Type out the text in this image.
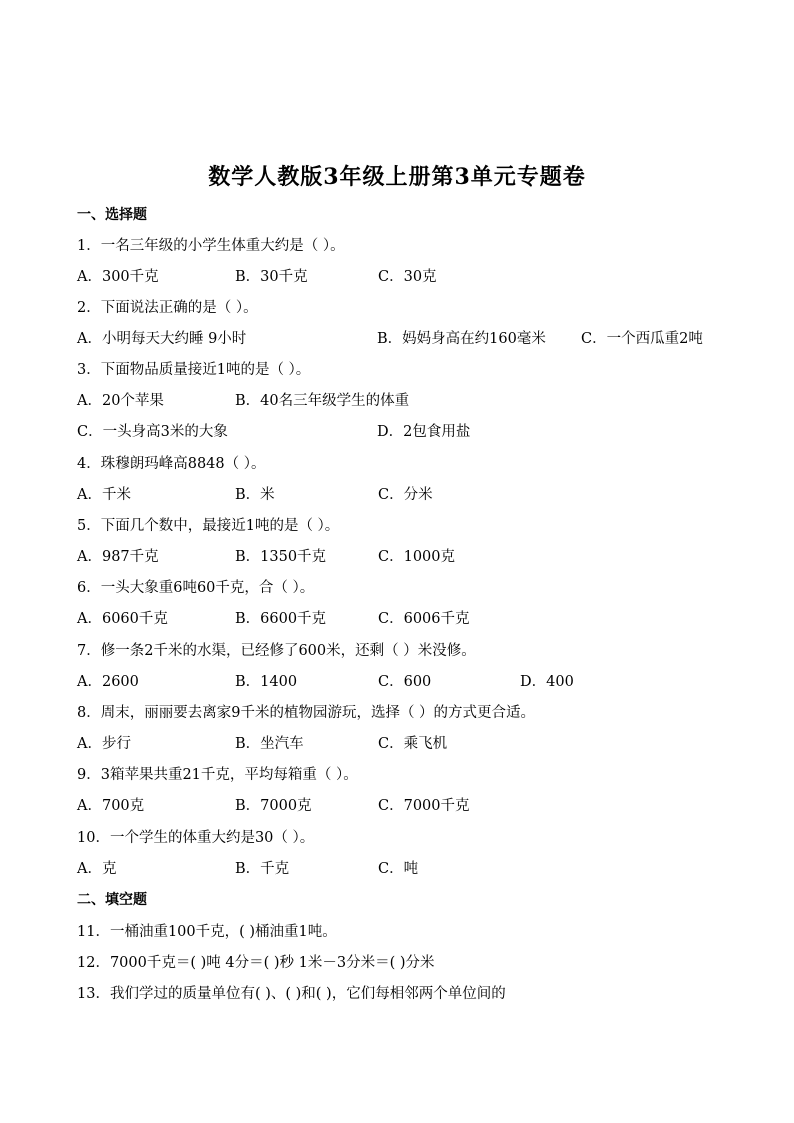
数学人教版3年级上册第3单元专题卷
一、选择题
1．一名三年级的小学生体重大约是（ ）。
A．300千克	B．30千克	C．30克
2．下面说法正确的是（ ）。
A．小明每天大约睡 9小时	B．妈妈身高在约160毫米 C．一个西瓜重2吨
3．下面物品质量接近1吨的是（ ）。
A．20个苹果	B．40名三年级学生的体重
C．一头身高3米的大象	D．2包食用盐
4．珠穆朗玛峰高8848（ ）。
A．千米	B．米	C．分米
5．下面几个数中，最接近1吨的是（ ）。
A．987千克	B．1350千克	C．1000克
6．一头大象重6吨60千克，合（ ）。
A．6060千克	B．6600千克	C．6006千克
7．修一条2千米的水渠，已经修了600米，还剩（ ）米没修。
A．2600	B．1400	C．600	D．400
8．周末，丽丽要去离家9千米的植物园游玩，选择（ ）的方式更合适。
A．步行	B．坐汽车	C．乘飞机
9．3箱苹果共重21千克，平均每箱重（ ）。
A．700克	B．7000克	C．7000千克
10．一个学生的体重大约是30（ ）。
A．克	B．千克	C．吨
二、填空题
11．一桶油重100千克，( )桶油重1吨。
12．7000千克＝( )吨 4分＝( )秒 1米－3分米＝( )分米
13．我们学过的质量单位有( )、( )和( )，它们每相邻两个单位间的
